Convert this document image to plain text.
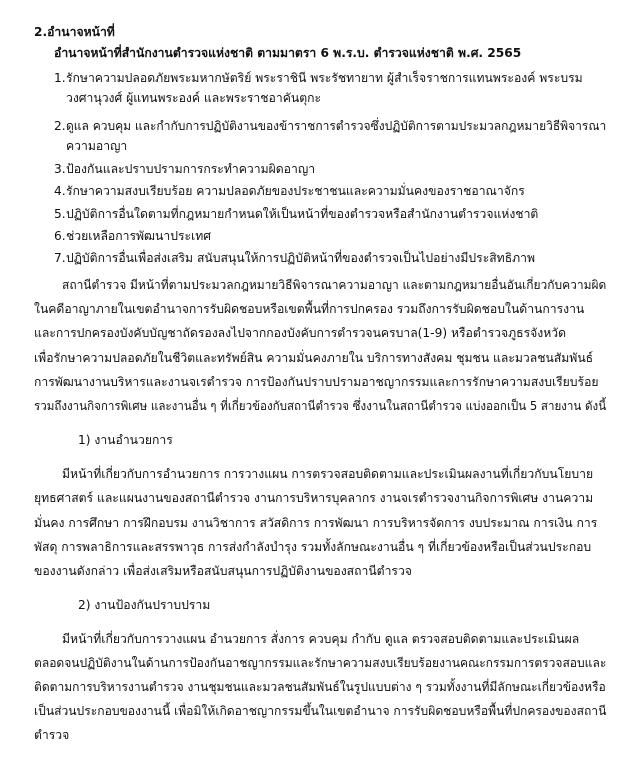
2.อำนาจหน้าที่
อำนาจหน้าที่สำนักงานตำรวจแห่งชาติ ตามมาตรา 6 พ.ร.บ. ตำรวจแห่งชาติ พ.ศ. 2565
1. รักษาความปลอดภัยพระมหากษัตริย์ พระราชินี พระรัชทายาท ผู้สำเร็จราชการแทนพระองค์ พระบรม
วงศานุวงศ์ ผู้แทนพระองค์ และพระราชอาคันตุกะ
2. ดูแล ควบคุม และกำกับการปฏิบัติงานของข้าราชการตำรวจซึ่งปฏิบัติการตามประมวลกฎหมายวิธีพิจารณา
ความอาญา
3. ป้องกันและปราบปรามการกระทำความผิดอาญา
4. รักษาความสงบเรียบร้อย ความปลอดภัยของประชาชนและความมั่นคงของราชอาณาจักร
5. ปฏิบัติการอื่นใดตามที่กฎหมายกำหนดให้เป็นหน้าที่ของตำรวจหรือสำนักงานตำรวจแห่งชาติ
6. ช่วยเหลือการพัฒนาประเทศ
7. ปฏิบัติการอื่นเพื่อส่งเสริม สนับสนุนให้การปฏิบัติหน้าที่ของตำรวจเป็นไปอย่างมีประสิทธิภาพ
สถานีตำรวจ มีหน้าที่ตามประมวลกฎหมายวิธีพิจารณาความอาญา และตามกฎหมายอื่นอันเกี่ยวกับความผิด
ในคดีอาญาภายในเขตอำนาจการรับผิดชอบหรือเขตพื้นที่การปกครอง รวมถึงการรับผิดชอบในด้านการงาน
และการปกครองบังคับบัญชาถัดรองลงไปจากกองบังคับการตำรวจนครบาล(1-9) หรือตำรวจภูธรจังหวัด
เพื่อรักษาความปลอดภัยในชีวิตและทรัพย์สิน ความมั่นคงภายใน บริการทางสังคม ชุมชน และมวลชนสัมพันธ์
การพัฒนางานบริหารและงานจเรตำรวจ การป้องกันปราบปรามอาชญากรรมและการรักษาความสงบเรียบร้อย
รวมถึงงานกิจการพิเศษ และงานอื่น ๆ ที่เกี่ยวข้องกับสถานีตำรวจ ซึ่งงานในสถานีตำรวจ แบ่งออกเป็น 5 สายงาน ดังนี้
1) งานอำนวยการ
มีหน้าที่เกี่ยวกับการอำนวยการ การวางแผน การตรวจสอบติดตามและประเมินผลงานที่เกี่ยวกับนโยบาย
ยุทธศาสตร์ และแผนงานของสถานีตำรวจ งานการบริหารบุคลากร งานจเรตำรวจงานกิจการพิเศษ งานความ
มั่นคง การศึกษา การฝึกอบรม งานวิชาการ สวัสดิการ การพัฒนา การบริหารจัดการ งบประมาณ การเงิน การ
พัสดุ การพลาธิการและสรรพาวุธ การส่งกำลังบำรุง รวมทั้งลักษณะงานอื่น ๆ ที่เกี่ยวข้องหรือเป็นส่วนประกอบ
ของงานดังกล่าว เพื่อส่งเสริมหรือสนับสนุนการปฏิบัติงานของสถานีตำรวจ
2) งานป้องกันปราบปราม
มีหน้าที่เกี่ยวกับการวางแผน อำนวยการ สั่งการ ควบคุม กำกับ ดูแล ตรวจสอบติดตามและประเมินผล
ตลอดจนปฏิบัติงานในด้านการป้องกันอาชญากรรมและรักษาความสงบเรียบร้อยงานคณะกรรมการตรวจสอบและ
ติดตามการบริหารงานตำรวจ งานชุมชนและมวลชนสัมพันธ์ในรูปแบบต่าง ๆ รวมทั้งงานที่มีลักษณะเกี่ยวข้องหรือ
เป็นส่วนประกอบของงานนี้ เพื่อมิให้เกิดอาชญากรรมขึ้นในเขตอำนาจ การรับผิดชอบหรือพื้นที่ปกครองของสถานี
ตำรวจ
